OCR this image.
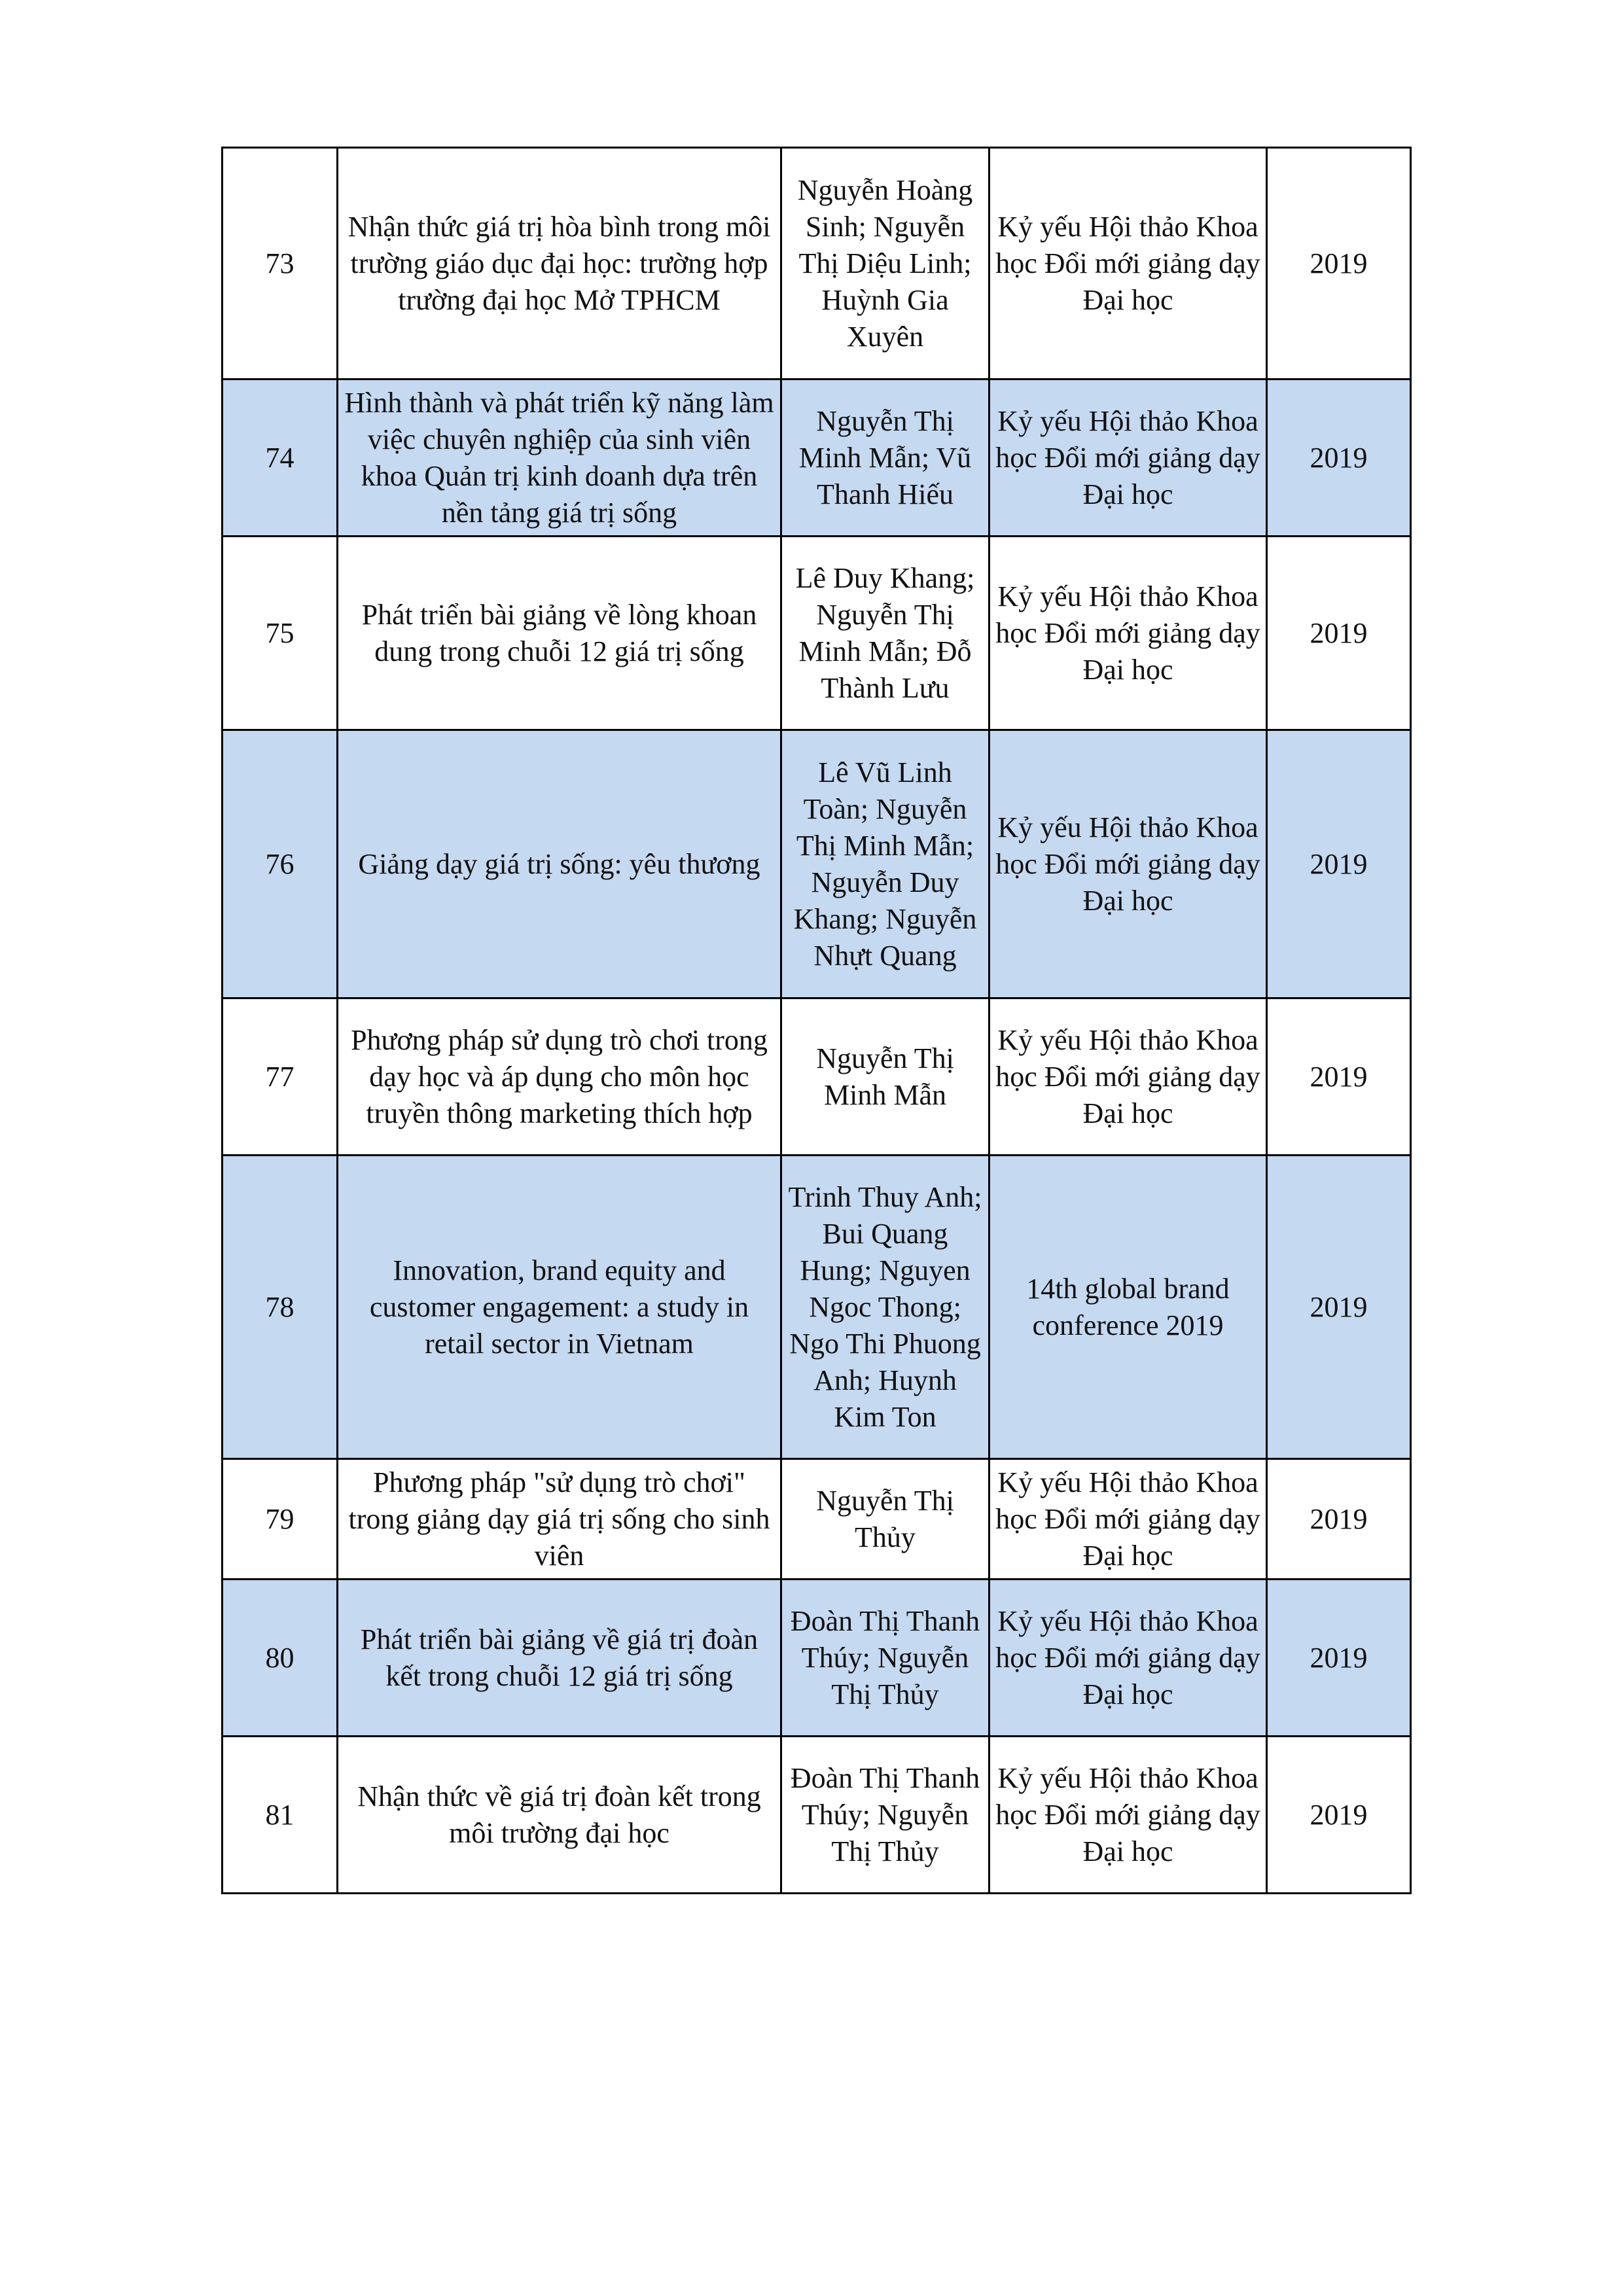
73	Nhận thức giá trị hòa bình trong môi trường giáo dục đại học: trường hợp trường đại học Mở TPHCM	Nguyễn Hoàng Sinh; Nguyễn Thị Diệu Linh; Huỳnh Gia Xuyên	Kỷ yếu Hội thảo Khoa học Đổi mới giảng dạy Đại học	2019
74	Hình thành và phát triển kỹ năng làm việc chuyên nghiệp của sinh viên khoa Quản trị kinh doanh dựa trên nền tảng giá trị sống	Nguyễn Thị Minh Mẫn; Vũ Thanh Hiếu	Kỷ yếu Hội thảo Khoa học Đổi mới giảng dạy Đại học	2019
75	Phát triển bài giảng về lòng khoan dung trong chuỗi 12 giá trị sống	Lê Duy Khang; Nguyễn Thị Minh Mẫn; Đỗ Thành Lưu	Kỷ yếu Hội thảo Khoa học Đổi mới giảng dạy Đại học	2019
76	Giảng dạy giá trị sống: yêu thương	Lê Vũ Linh Toàn; Nguyễn Thị Minh Mẫn; Nguyễn Duy Khang; Nguyễn Nhựt Quang	Kỷ yếu Hội thảo Khoa học Đổi mới giảng dạy Đại học	2019
77	Phương pháp sử dụng trò chơi trong dạy học và áp dụng cho môn học truyền thông marketing thích hợp	Nguyễn Thị Minh Mẫn	Kỷ yếu Hội thảo Khoa học Đổi mới giảng dạy Đại học	2019
78	Innovation, brand equity and customer engagement: a study in retail sector in Vietnam	Trinh Thuy Anh; Bui Quang Hung; Nguyen Ngoc Thong; Ngo Thi Phuong Anh; Huynh Kim Ton	14th global brand conference 2019	2019
79	Phương pháp "sử dụng trò chơi" trong giảng dạy giá trị sống cho sinh viên	Nguyễn Thị Thủy	Kỷ yếu Hội thảo Khoa học Đổi mới giảng dạy Đại học	2019
80	Phát triển bài giảng về giá trị đoàn kết trong chuỗi 12 giá trị sống	Đoàn Thị Thanh Thúy; Nguyễn Thị Thủy	Kỷ yếu Hội thảo Khoa học Đổi mới giảng dạy Đại học	2019
81	Nhận thức về giá trị đoàn kết trong môi trường đại học	Đoàn Thị Thanh Thúy; Nguyễn Thị Thủy	Kỷ yếu Hội thảo Khoa học Đổi mới giảng dạy Đại học	2019
